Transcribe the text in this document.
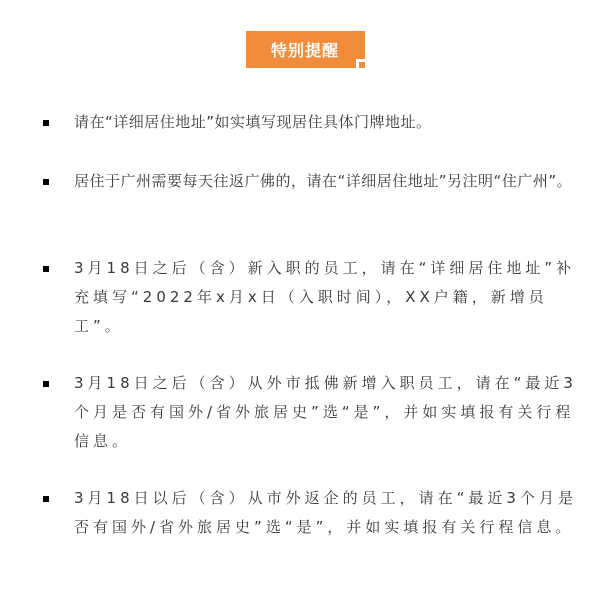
特别提醒
请在“详细居住地址”如实填写现居住具体门牌地址。
居住于广州需要每天往返广佛的，请在“详细居住地址”另注明“住广州”。
3月18日之后（含）新入职的员工，请在“详细居住地址”补充填写“2022年x月x日（入职时间），XX户籍，新增员工”。
3月18日之后（含）从外市抵佛新增入职员工，请在“最近3个月是否有国外/省外旅居史”选“是”，并如实填报有关行程信息。
3月18日以后（含）从市外返企的员工，请在“最近3个月是否有国外/省外旅居史”选“是”，并如实填报有关行程信息。
